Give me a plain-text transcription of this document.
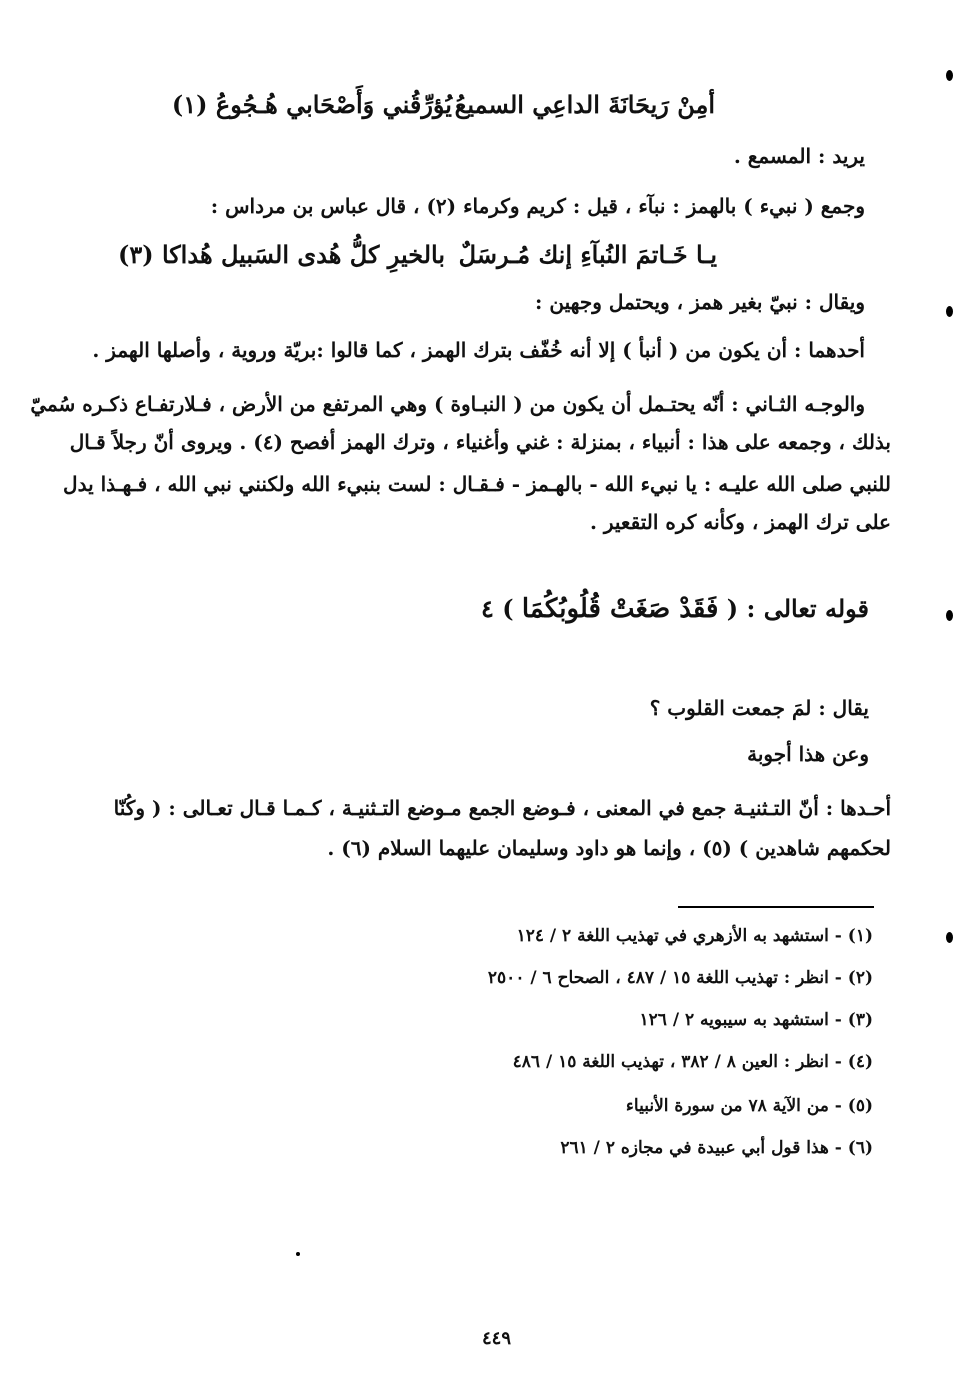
أمِنْ رَيحَانَةَ الداعِي السميعُ
يُؤرِّقُني وَأَصْحَابي هُـجُوعُ (١)
يريد : المسمع .
وجمع ( نبيء ) بالهمز : نبآء ، قيل : كريم وكرماء (٢) ، قال عباس بن مرداس :
يـا خَـاتمَ النُبآءِ إنك مُـرسَلٌ
بالخيرِ كلُّ هُدى السَبيل هُداكا (٣)
ويقال : نبيّ بغير همز ، ويحتمل وجهين :
أحدهما : أن يكون من ( أنبأ ) إلا أنه خُفّف بترك الهمز ، كما قالوا :بريّة وروية ، وأصلها الهمز .
والوجـه الثـاني : أنّه يحتـمل أن يكون من ( النبـاوة ) وهي المرتفع من الأرض ، فـلارتفـاع ذكـره سُميّ
بذلك ، وجمعه على هذا : أنبياء ، بمنزلة : غني وأغنياء ، وترك الهمز أفصح (٤) . ويروى أنّ رجلاً قـال
للنبي صلى الله عليـه : يا نبيء الله - بالهـمز - فـقـال : لست بنبيء الله ولكنني نبي الله ، فـهـذا يدل
على ترك الهمز ، وكأنه كره التقعير .
قوله تعالى : ( فَقَدْ صَغَتْ قُلُوبُكُمَا ) ٤
يقال : لمَ جمعت القلوب ؟
وعن هذا أجوبة
أحـدها : أنّ التـثنيـة جمع في المعنى ، فـوضع الجمع مـوضع التـثنيـة ، كـمـا قـال تعـالى : ( وكُنّا
لحكمهم شاهدين ) (٥) ، وإنما هو داود وسليمان عليهما السلام (٦) .
(١) - استشهد به الأزهري في تهذيب اللغة ٢ / ١٢٤
(٢) - انظر : تهذيب اللغة ١٥ / ٤٨٧ ، الصحاح ٦ / ٢٥٠٠
(٣) - استشهد به سيبويه ٢ / ١٢٦
(٤) - انظر : العين ٨ / ٣٨٢ ، تهذيب اللغة ١٥ / ٤٨٦
(٥) - من الآية ٧٨ من سورة الأنبياء
(٦) - هذا قول أبي عبيدة في مجازه ٢ / ٢٦١
٤٤٩
